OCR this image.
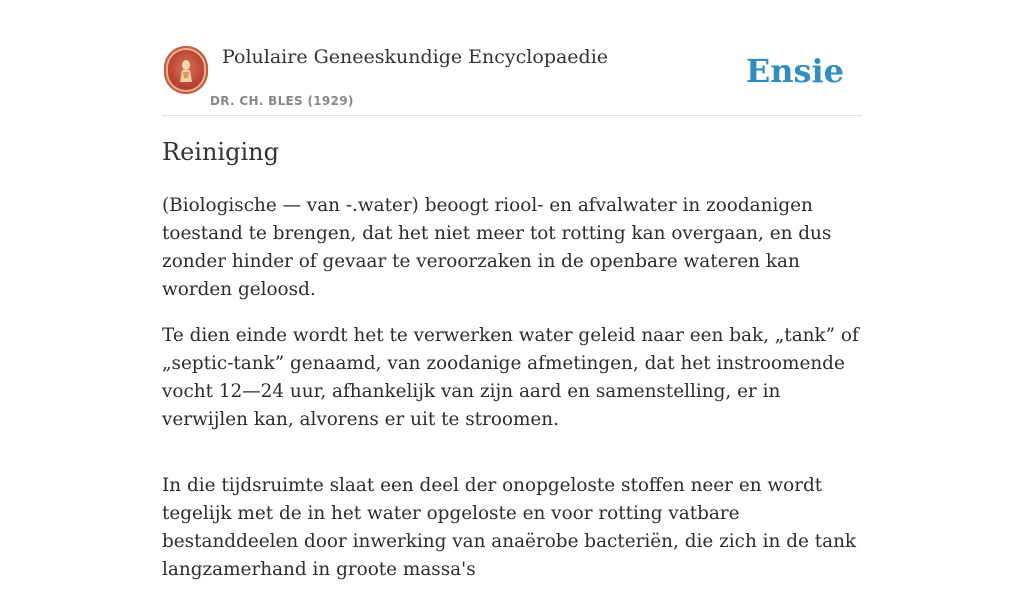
Polulaire Geneeskundige Encyclopaedie
DR. CH. BLES (1929)
Ensie
Reiniging

(Biologische — van -.water) beoogt riool- en afvalwater in zoodanigen toestand te brengen, dat het niet meer tot rotting kan overgaan, en dus zonder hinder of gevaar te veroorzaken in de openbare wateren kan worden geloosd.

Te dien einde wordt het te verwerken water geleid naar een bak, „tank” of „septic-tank” genaamd, van zoodanige afmetingen, dat het instroomende vocht 12—24 uur, afhankelijk van zijn aard en samenstelling, er in verwijlen kan, alvorens er uit te stroomen.

In die tijdsruimte slaat een deel der onopgeloste stoffen neer en wordt tegelijk met de in het water opgeloste en voor rotting vatbare bestanddeelen door inwerking van anaërobe bacteriën, die zich in de tank langzamerhand in groote massa's
